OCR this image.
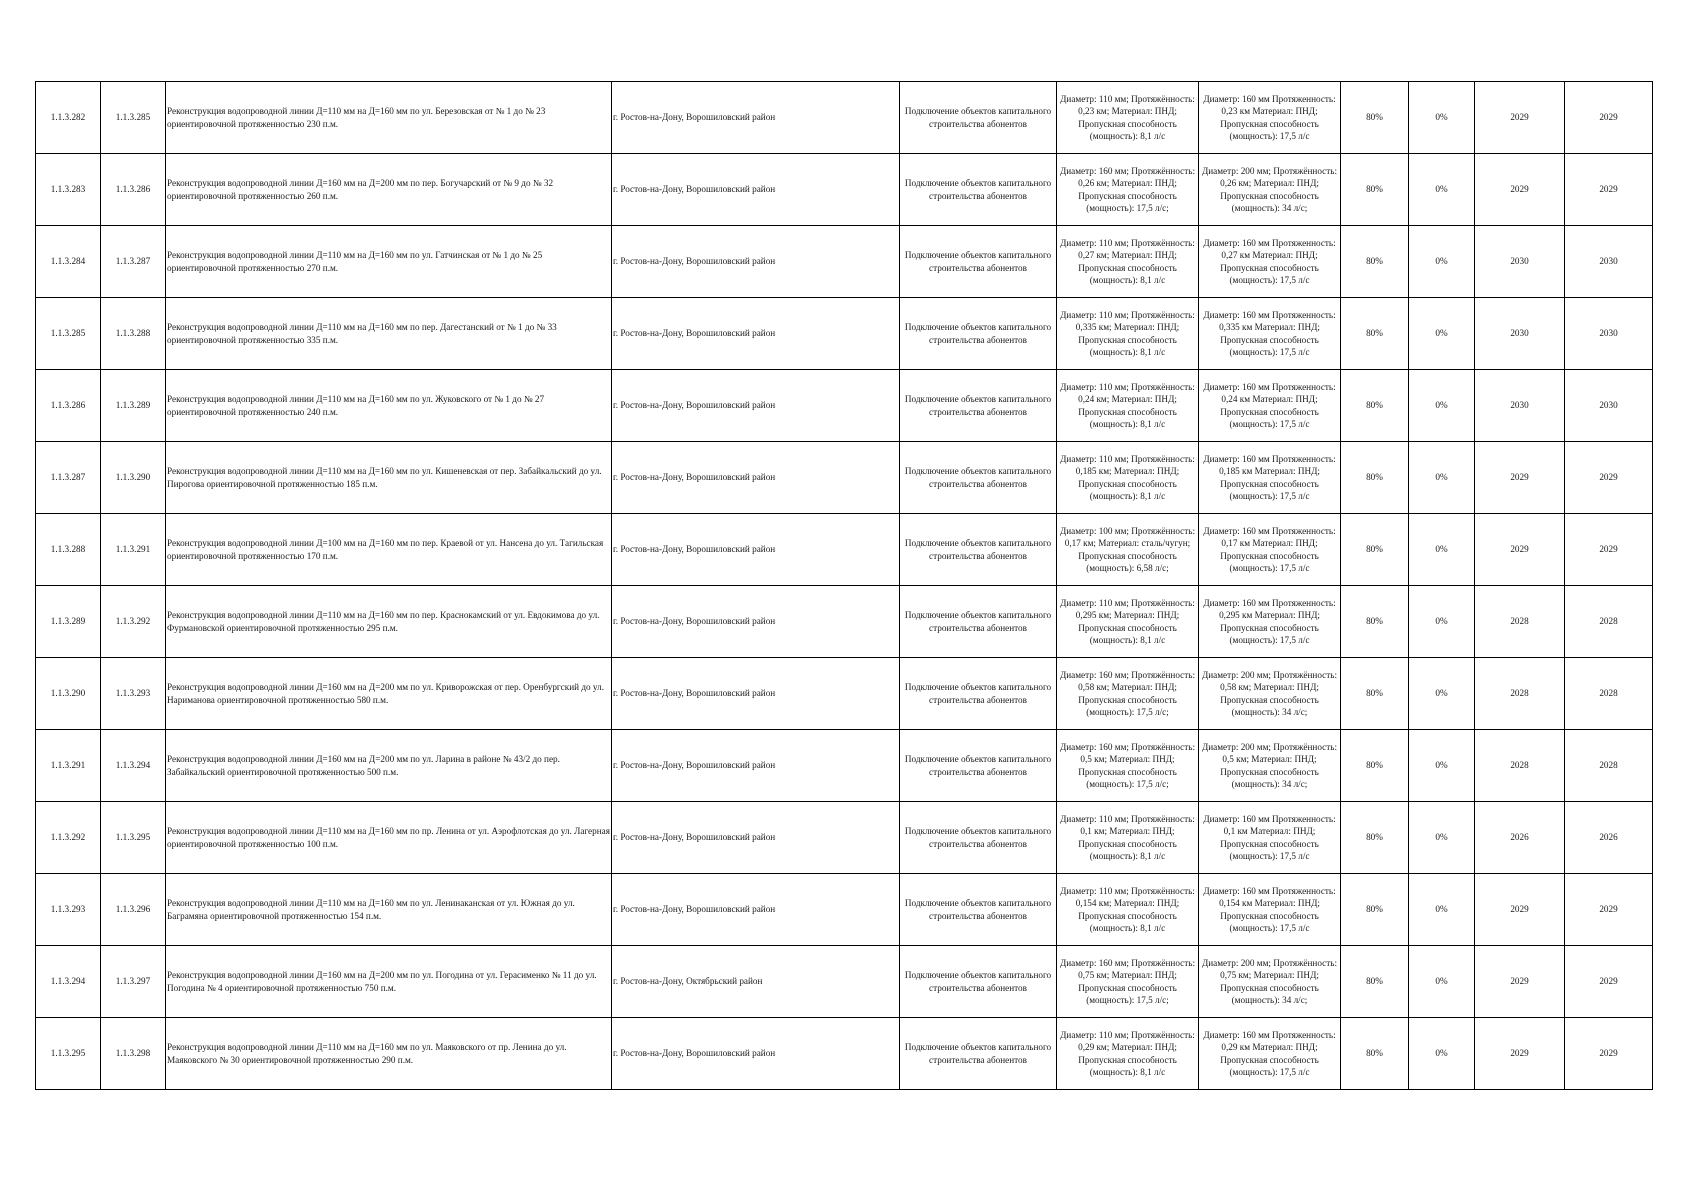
1.1.3.282	1.1.3.285	Реконструкция водопроводной линии Д=110 мм на Д=160 мм по ул. Березовская от № 1 до № 23 ориентировочной протяженностью 230 п.м.	г. Ростов-на-Дону, Ворошиловский район	Подключение объектов капитального строительства абонентов	Диаметр: 110 мм; Протяжённость: 0,23 км; Материал: ПНД; Пропускная способность (мощность): 8,1 л/с	Диаметр: 160 мм Протяженность: 0,23 км Материал: ПНД; Пропускная способность (мощность): 17,5 л/с	80%	0%	2029	2029
1.1.3.283	1.1.3.286	Реконструкция водопроводной линии Д=160 мм на Д=200 мм по пер. Богучарский от № 9 до № 32 ориентировочной протяженностью 260 п.м.	г. Ростов-на-Дону, Ворошиловский район	Подключение объектов капитального строительства абонентов	Диаметр: 160 мм; Протяжённость: 0,26 км; Материал: ПНД; Пропускная способность (мощность): 17,5 л/с;	Диаметр: 200 мм; Протяжённость: 0,26 км; Материал: ПНД; Пропускная способность (мощность): 34 л/с;	80%	0%	2029	2029
1.1.3.284	1.1.3.287	Реконструкция водопроводной линии Д=110 мм на Д=160 мм по ул. Гатчинская от № 1 до № 25 ориентировочной протяженностью 270 п.м.	г. Ростов-на-Дону, Ворошиловский район	Подключение объектов капитального строительства абонентов	Диаметр: 110 мм; Протяжённость: 0,27 км; Материал: ПНД; Пропускная способность (мощность): 8,1 л/с	Диаметр: 160 мм Протяженность: 0,27 км Материал: ПНД; Пропускная способность (мощность): 17,5 л/с	80%	0%	2030	2030
1.1.3.285	1.1.3.288	Реконструкция водопроводной линии Д=110 мм на Д=160 мм по пер. Дагестанский от № 1 до № 33 ориентировочной протяженностью 335 п.м.	г. Ростов-на-Дону, Ворошиловский район	Подключение объектов капитального строительства абонентов	Диаметр: 110 мм; Протяжённость: 0,335 км; Материал: ПНД; Пропускная способность (мощность): 8,1 л/с	Диаметр: 160 мм Протяженность: 0,335 км Материал: ПНД; Пропускная способность (мощность): 17,5 л/с	80%	0%	2030	2030
1.1.3.286	1.1.3.289	Реконструкция водопроводной линии Д=110 мм на Д=160 мм по ул. Жуковского от № 1 до № 27 ориентировочной протяженностью 240 п.м.	г. Ростов-на-Дону, Ворошиловский район	Подключение объектов капитального строительства абонентов	Диаметр: 110 мм; Протяжённость: 0,24 км; Материал: ПНД; Пропускная способность (мощность): 8,1 л/с	Диаметр: 160 мм Протяженность: 0,24 км Материал: ПНД; Пропускная способность (мощность): 17,5 л/с	80%	0%	2030	2030
1.1.3.287	1.1.3.290	Реконструкция водопроводной линии Д=110 мм на Д=160 мм по ул. Кишеневская от пер. Забайкальский до ул. Пирогова ориентировочной протяженностью 185 п.м.	г. Ростов-на-Дону, Ворошиловский район	Подключение объектов капитального строительства абонентов	Диаметр: 110 мм; Протяжённость: 0,185 км; Материал: ПНД; Пропускная способность (мощность): 8,1 л/с	Диаметр: 160 мм Протяженность: 0,185 км Материал: ПНД; Пропускная способность (мощность): 17,5 л/с	80%	0%	2029	2029
1.1.3.288	1.1.3.291	Реконструкция водопроводной линии Д=100 мм на Д=160 мм по пер. Краевой от ул. Нансена до ул. Тагильская ориентировочной протяженностью 170 п.м.	г. Ростов-на-Дону, Ворошиловский район	Подключение объектов капитального строительства абонентов	Диаметр: 100 мм; Протяжённость: 0,17 км; Материал: сталь/чугун; Пропускная способность (мощность): 6,58 л/с;	Диаметр: 160 мм Протяженность: 0,17 км Материал: ПНД; Пропускная способность (мощность): 17,5 л/с	80%	0%	2029	2029
1.1.3.289	1.1.3.292	Реконструкция водопроводной линии Д=110 мм на Д=160 мм по пер. Краснокамский от ул. Евдокимова до ул. Фурмановской ориентировочной протяженностью 295 п.м.	г. Ростов-на-Дону, Ворошиловский район	Подключение объектов капитального строительства абонентов	Диаметр: 110 мм; Протяжённость: 0,295 км; Материал: ПНД; Пропускная способность (мощность): 8,1 л/с	Диаметр: 160 мм Протяженность: 0,295 км Материал: ПНД; Пропускная способность (мощность): 17,5 л/с	80%	0%	2028	2028
1.1.3.290	1.1.3.293	Реконструкция водопроводной линии Д=160 мм на Д=200 мм по ул. Криворожская от пер. Оренбургский до ул. Нариманова ориентировочной протяженностью 580 п.м.	г. Ростов-на-Дону, Ворошиловский район	Подключение объектов капитального строительства абонентов	Диаметр: 160 мм; Протяжённость: 0,58 км; Материал: ПНД; Пропускная способность (мощность): 17,5 л/с;	Диаметр: 200 мм; Протяжённость: 0,58 км; Материал: ПНД; Пропускная способность (мощность): 34 л/с;	80%	0%	2028	2028
1.1.3.291	1.1.3.294	Реконструкция водопроводной линии Д=160 мм на Д=200 мм по ул. Ларина в районе № 43/2 до пер. Забайкальский ориентировочной протяженностью 500 п.м.	г. Ростов-на-Дону, Ворошиловский район	Подключение объектов капитального строительства абонентов	Диаметр: 160 мм; Протяжённость: 0,5 км; Материал: ПНД; Пропускная способность (мощность): 17,5 л/с;	Диаметр: 200 мм; Протяжённость: 0,5 км; Материал: ПНД; Пропускная способность (мощность): 34 л/с;	80%	0%	2028	2028
1.1.3.292	1.1.3.295	Реконструкция водопроводной линии Д=110 мм на Д=160 мм по пр. Ленина от ул. Аэрофлотская до ул. Лагерная ориентировочной протяженностью 100 п.м.	г. Ростов-на-Дону, Ворошиловский район	Подключение объектов капитального строительства абонентов	Диаметр: 110 мм; Протяжённость: 0,1 км; Материал: ПНД; Пропускная способность (мощность): 8,1 л/с	Диаметр: 160 мм Протяженность: 0,1 км Материал: ПНД; Пропускная способность (мощность): 17,5 л/с	80%	0%	2026	2026
1.1.3.293	1.1.3.296	Реконструкция водопроводной линии Д=110 мм на Д=160 мм по ул. Ленинаканская от ул. Южная до ул. Баграмяна ориентировочной протяженностью 154 п.м.	г. Ростов-на-Дону, Ворошиловский район	Подключение объектов капитального строительства абонентов	Диаметр: 110 мм; Протяжённость: 0,154 км; Материал: ПНД; Пропускная способность (мощность): 8,1 л/с	Диаметр: 160 мм Протяженность: 0,154 км Материал: ПНД; Пропускная способность (мощность): 17,5 л/с	80%	0%	2029	2029
1.1.3.294	1.1.3.297	Реконструкция водопроводной линии Д=160 мм на Д=200 мм по ул. Погодина от ул. Герасименко № 11 до ул. Погодина № 4 ориентировочной протяженностью 750 п.м.	г. Ростов-на-Дону, Октябрьский район	Подключение объектов капитального строительства абонентов	Диаметр: 160 мм; Протяжённость: 0,75 км; Материал: ПНД; Пропускная способность (мощность): 17,5 л/с;	Диаметр: 200 мм; Протяжённость: 0,75 км; Материал: ПНД; Пропускная способность (мощность): 34 л/с;	80%	0%	2029	2029
1.1.3.295	1.1.3.298	Реконструкция водопроводной линии Д=110 мм на Д=160 мм по ул. Маяковского от пр. Ленина до ул. Маяковского № 30 ориентировочной протяженностью 290 п.м.	г. Ростов-на-Дону, Ворошиловский район	Подключение объектов капитального строительства абонентов	Диаметр: 110 мм; Протяжённость: 0,29 км; Материал: ПНД; Пропускная способность (мощность): 8,1 л/с	Диаметр: 160 мм Протяженность: 0,29 км Материал: ПНД; Пропускная способность (мощность): 17,5 л/с	80%	0%	2029	2029
